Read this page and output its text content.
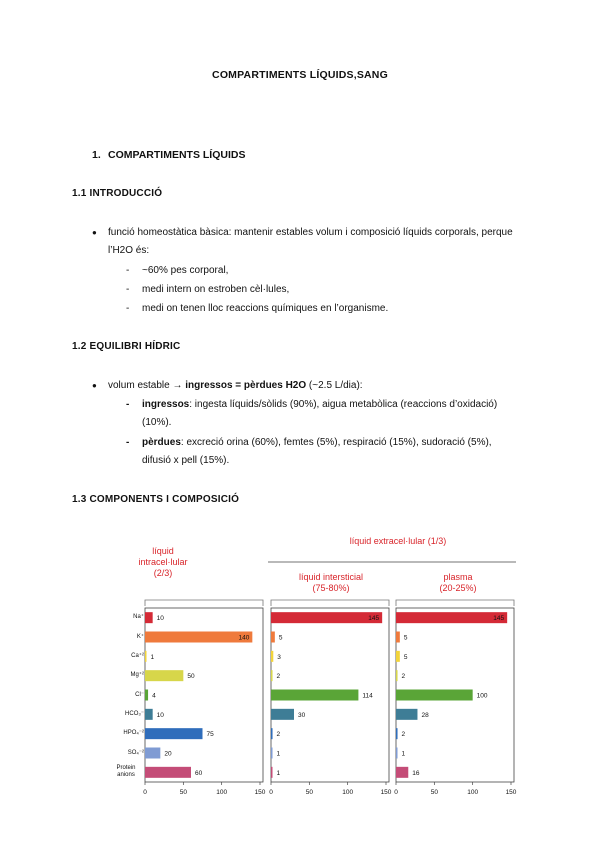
COMPARTIMENTS LÍQUIDS,SANG
1. COMPARTIMENTS LÍQUIDS
1.1 INTRODUCCIÓ
● funció homeostàtica bàsica: mantenir estables volum i composició líquids corporals, perque l’H2O és:
- ~60% pes corporal,
- medi intern on estroben cèl·lules,
- medi on tenen lloc reaccions químiques en l’organisme.
1.2 EQUILIBRI HÍDRIC
● volum estable → ingressos = pèrdues H2O (~2.5 L/dia):
- ingressos: ingesta líquids/sòlids (90%), aigua metabòlica (reaccions d’oxidació) (10%).
- pèrdues: excreció orina (60%), femtes (5%), respiració (15%), sudoració (5%), difusió x pell (15%).
1.3 COMPONENTS I COMPOSICIÓ
líquid extracel·lular (1/3)
líquid
intracel·lular
(2/3)	líquid intersticial
(75-80%)
plasma
(20-25%)
Na⁺
K⁺
Ca⁺²
Mg⁺²
Cl⁻
HCO₃⁻
HPO₄⁻²
SO₄⁻²
Protein
anions
10
140
1
50
4
10
75
20
60
0	50	100	150
145
5
3
2
114
30
2
1
1
0	50	100	150
145
5
5
2
100
28
2
1
16
0	50	100	150
